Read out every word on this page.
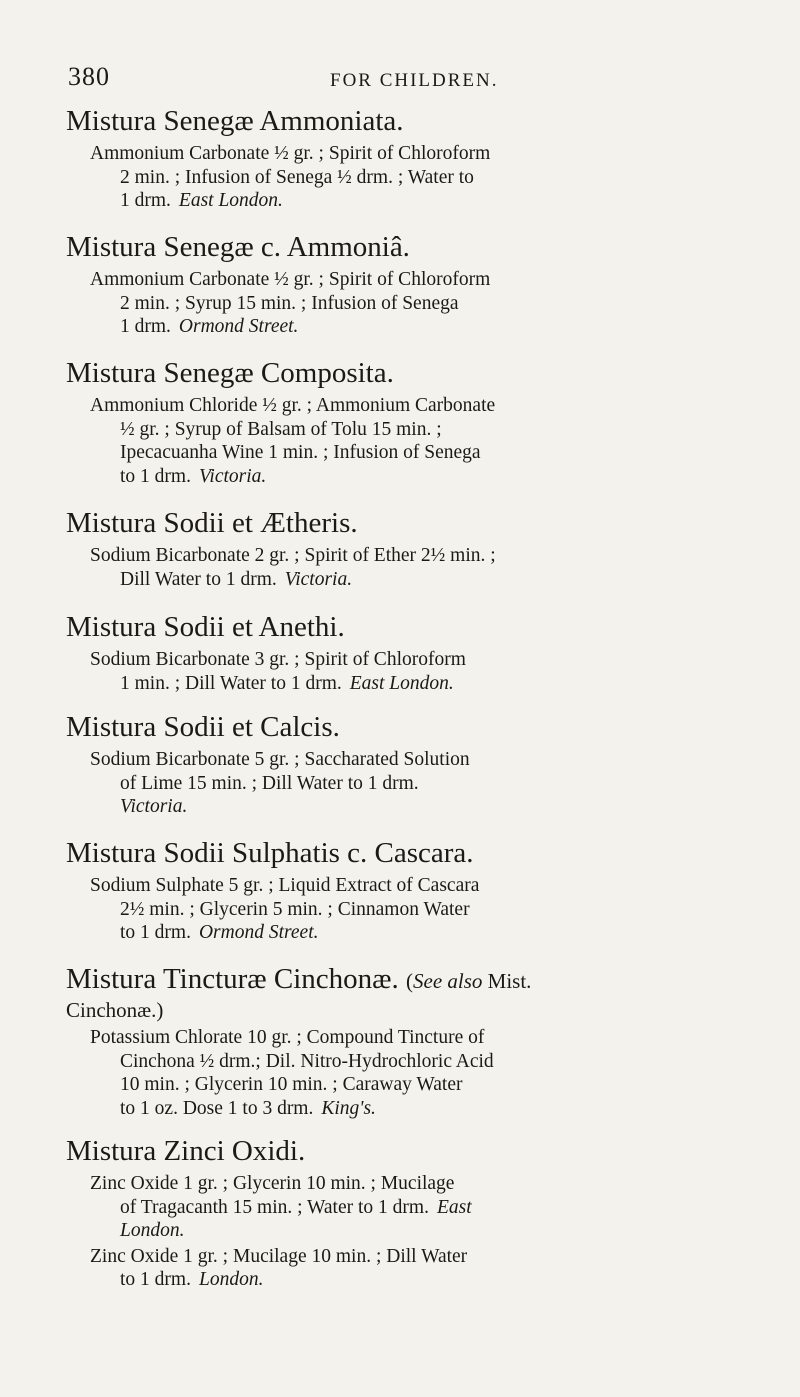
380	FOR CHILDREN.
Mistura Senegæ Ammoniata.
Ammonium Carbonate ½ gr. ; Spirit of Chloroform
2 min. ; Infusion of Senega ½ drm. ; Water to
1 drm. East London.
Mistura Senegæ c. Ammoniâ.
Ammonium Carbonate ½ gr. ; Spirit of Chloroform
2 min. ; Syrup 15 min. ; Infusion of Senega
1 drm. Ormond Street.
Mistura Senegæ Composita.
Ammonium Chloride ½ gr. ; Ammonium Carbonate
½ gr. ; Syrup of Balsam of Tolu 15 min. ;
Ipecacuanha Wine 1 min. ; Infusion of Senega
to 1 drm. Victoria.
Mistura Sodii et Ætheris.
Sodium Bicarbonate 2 gr. ; Spirit of Ether 2½ min. ;
Dill Water to 1 drm. Victoria.
Mistura Sodii et Anethi.
Sodium Bicarbonate 3 gr. ; Spirit of Chloroform
1 min. ; Dill Water to 1 drm. East London.
Mistura Sodii et Calcis.
Sodium Bicarbonate 5 gr. ; Saccharated Solution
of Lime 15 min. ; Dill Water to 1 drm.
Victoria.
Mistura Sodii Sulphatis c. Cascara.
Sodium Sulphate 5 gr. ; Liquid Extract of Cascara
2½ min. ; Glycerin 5 min. ; Cinnamon Water
to 1 drm. Ormond Street.
Mistura Tincturæ Cinchonæ. (See also Mist.
Cinchonæ.)
Potassium Chlorate 10 gr. ; Compound Tincture of
Cinchona ½ drm.; Dil. Nitro-Hydrochloric Acid
10 min. ; Glycerin 10 min. ; Caraway Water
to 1 oz. Dose 1 to 3 drm. King's.
Mistura Zinci Oxidi.
Zinc Oxide 1 gr. ; Glycerin 10 min. ; Mucilage
of Tragacanth 15 min. ; Water to 1 drm. East
London.
Zinc Oxide 1 gr. ; Mucilage 10 min. ; Dill Water
to 1 drm. London.
